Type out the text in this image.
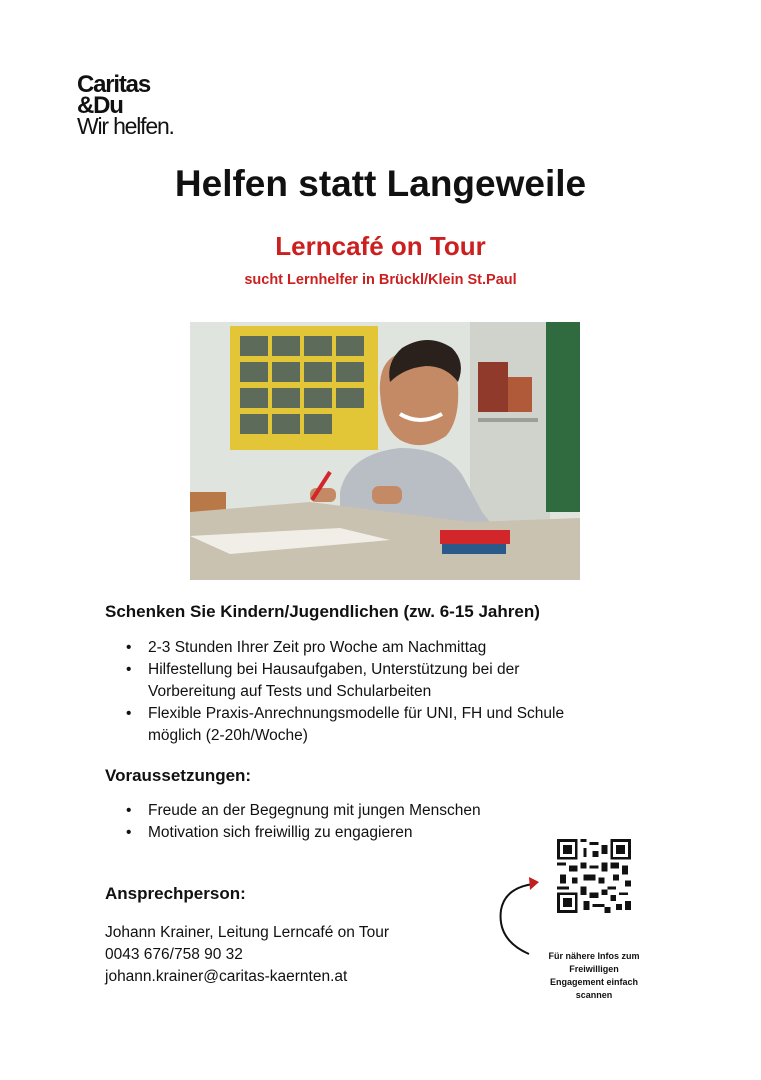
Caritas
&Du
Wir helfen.
Helfen statt Langeweile
Lerncafé on Tour
sucht Lernhelfer in Brückl/Klein St.Paul
Schenken Sie Kindern/Jugendlichen (zw. 6-15 Jahren)
• 2-3 Stunden Ihrer Zeit pro Woche am Nachmittag
• Hilfestellung bei Hausaufgaben, Unterstützung bei der
Vorbereitung auf Tests und Schularbeiten
• Flexible Praxis-Anrechnungsmodelle für UNI, FH und Schule
möglich (2-20h/Woche)
Voraussetzungen:
• Freude an der Begegnung mit jungen Menschen
• Motivation sich freiwillig zu engagieren
Ansprechperson:
Johann Krainer, Leitung Lerncafé on Tour
0043 676/758 90 32
johann.krainer@caritas-kaernten.at
Für nähere Infos zum
Freiwilligen
Engagement einfach
scannen
